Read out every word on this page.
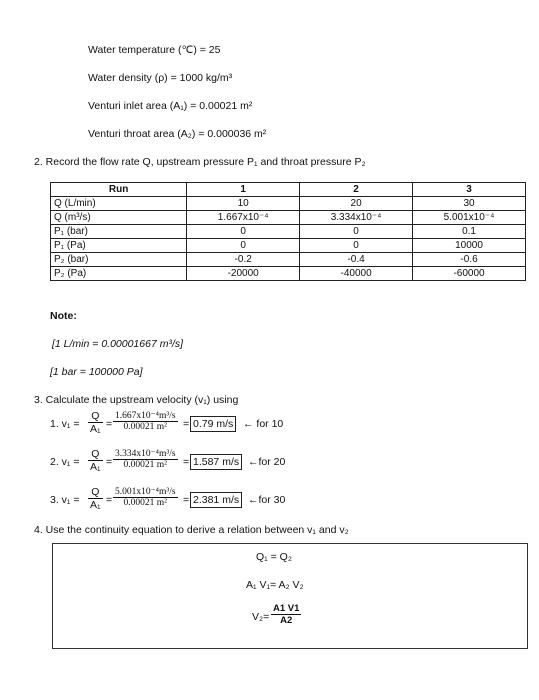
Water temperature (℃) = 25
Water density (ρ) = 1000 kg/m³
Venturi inlet area (A₁) = 0.00021 m²
Venturi throat area (A₂) = 0.000036 m²
2. Record the flow rate Q, upstream pressure P₁ and throat pressure P₂
Run	1	2	3
Q (L/min)	10	20	30
Q (m³/s)	1.667x10⁻⁴	3.334x10⁻⁴	5.001x10⁻⁴
P₁ (bar)	0	0	0.1
P₁ (Pa)	0	0	10000
P₂ (bar)	-0.2	-0.4	-0.6
P₂ (Pa)	-20000	-40000	-60000
Note:
[1 L/min = 0.00001667 m³/s]
[1 bar = 100000 Pa]
3. Calculate the upstream velocity (v₁) using
1. $v_1 = \frac{Q}{\text{A₁}} = \frac{\text{1.667x10⁻⁴m³/s}}{\text{0.00021 m²}} = 0.79$ m/s ← for 10
2. $v_1 = \frac{Q}{\text{A₁}} = \frac{\text{3.334x10⁻⁴m³/s}}{\text{0.00021 m²}} = 1.587$ m/s ←for 20
3. $v_1 = \frac{Q}{\text{A₁}} = \frac{\text{5.001x10⁻⁴m³/s}}{\text{0.00021 m²}} = 2.381$ m/s ←for 30
4. Use the continuity equation to derive a relation between v₁ and v₂
Q₁ = Q₂
A₁ V₁= A₂ V₂
$V_2= \frac{A1 V1}{A2}$
